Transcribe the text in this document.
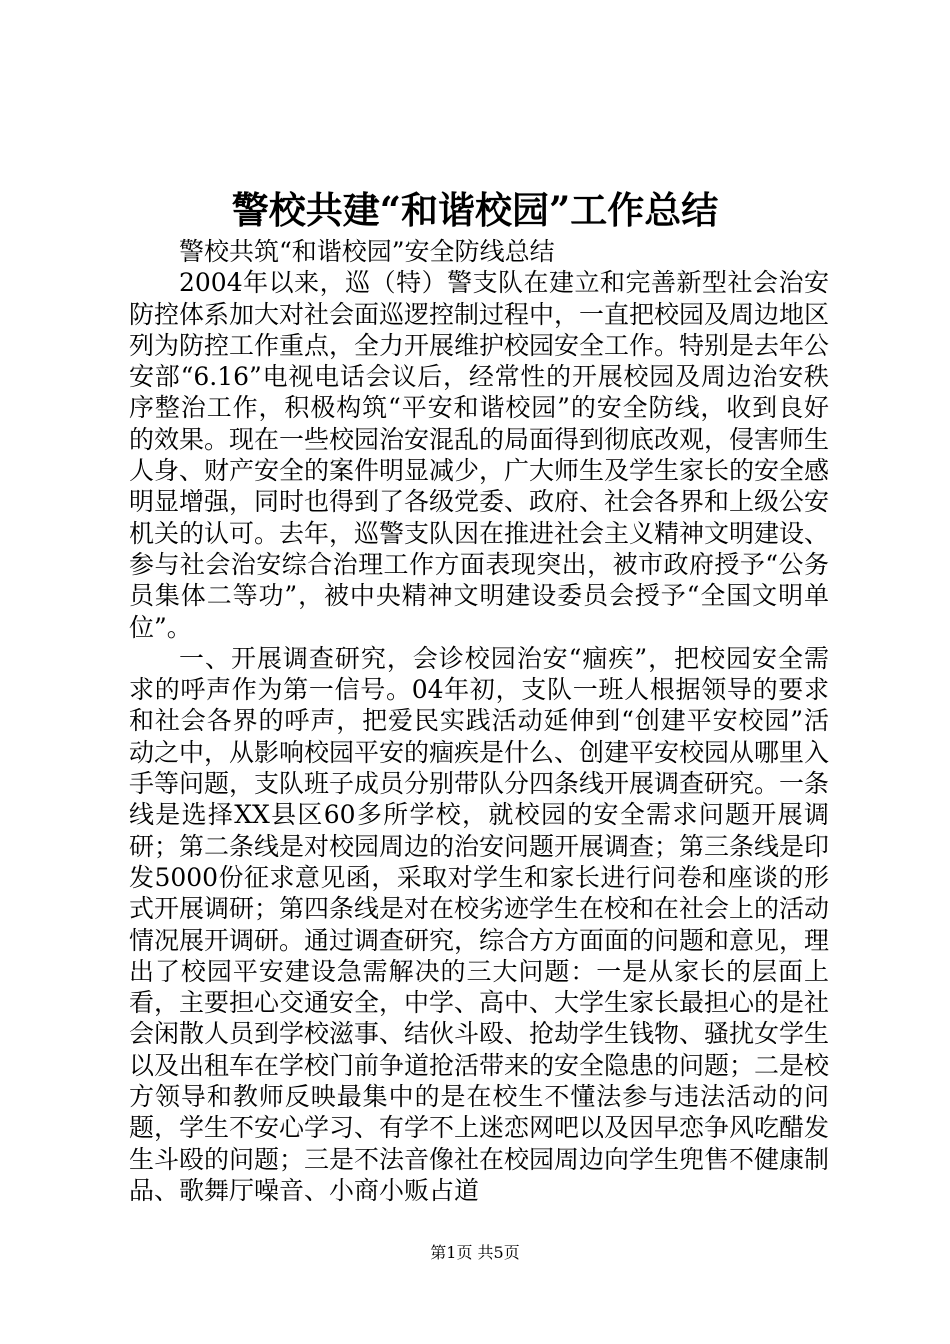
警校共建“和谐校园”工作总结

警校共筑“和谐校园”安全防线总结

2004年以来，巡（特）警支队在建立和完善新型社会治安防控体系加大对社会面巡逻控制过程中，一直把校园及周边地区列为防控工作重点，全力开展维护校园安全工作。特别是去年公安部“6.16”电视电话会议后，经常性的开展校园及周边治安秩序整治工作，积极构筑“平安和谐校园”的安全防线，收到良好的效果。现在一些校园治安混乱的局面得到彻底改观，侵害师生人身、财产安全的案件明显减少，广大师生及学生家长的安全感明显增强，同时也得到了各级党委、政府、社会各界和上级公安机关的认可。去年，巡警支队因在推进社会主义精神文明建设、参与社会治安综合治理工作方面表现突出，被市政府授予“公务员集体二等功”，被中央精神文明建设委员会授予“全国文明单位”。

一、开展调查研究，会诊校园治安“痼疾”，把校园安全需求的呼声作为第一信号。04年初，支队一班人根据领导的要求和社会各界的呼声，把爱民实践活动延伸到“创建平安校园”活动之中，从影响校园平安的痼疾是什么、创建平安校园从哪里入手等问题，支队班子成员分别带队分四条线开展调查研究。一条线是选择XX县区60多所学校，就校园的安全需求问题开展调研；第二条线是对校园周边的治安问题开展调查；第三条线是印发5000份征求意见函，采取对学生和家长进行问卷和座谈的形式开展调研；第四条线是对在校劣迹学生在校和在社会上的活动情况展开调研。通过调查研究，综合方方面面的问题和意见，理出了校园平安建设急需解决的三大问题：一是从家长的层面上看，主要担心交通安全，中学、高中、大学生家长最担心的是社会闲散人员到学校滋事、结伙斗殴、抢劫学生钱物、骚扰女学生以及出租车在学校门前争道抢活带来的安全隐患的问题；二是校方领导和教师反映最集中的是在校生不懂法参与违法活动的问题，学生不安心学习、有学不上迷恋网吧以及因早恋争风吃醋发生斗殴的问题；三是不法音像社在校园周边向学生兜售不健康制品、歌舞厅噪音、小商小贩占道

第1页 共5页
